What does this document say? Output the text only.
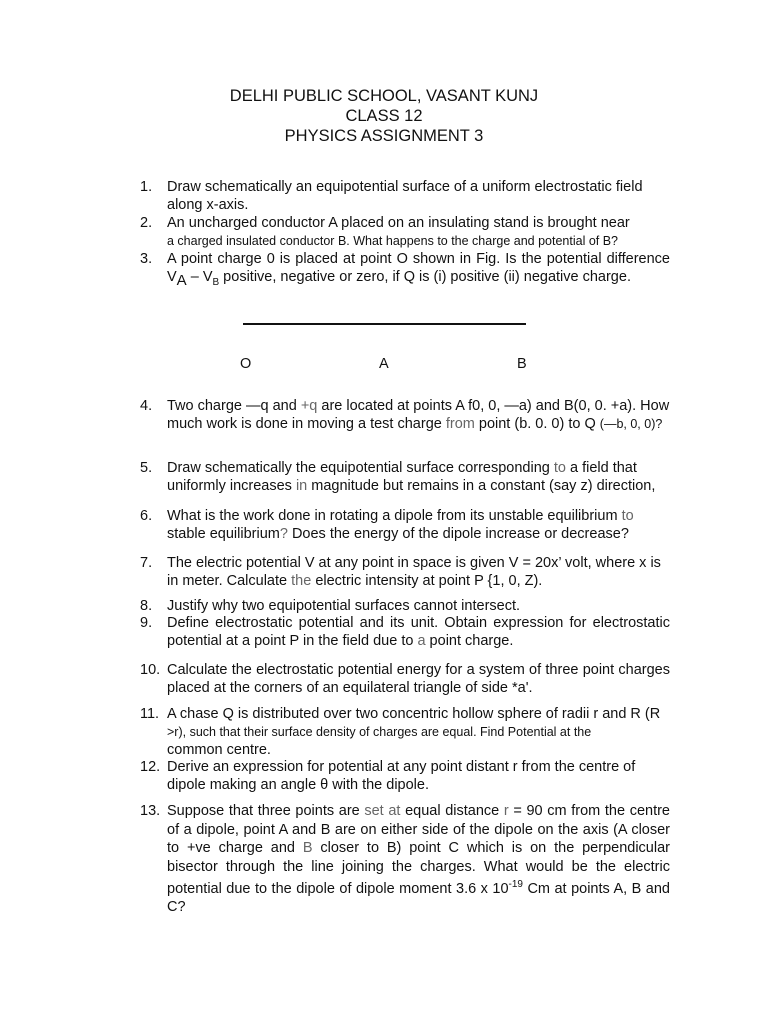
DELHI PUBLIC SCHOOL, VASANT KUNJ
CLASS 12
PHYSICS ASSIGNMENT 3
1.	Draw schematically an equipotential surface of a uniform electrostatic field along x-axis.
2.	An uncharged conductor A placed on an insulating stand is brought near
a charged insulated conductor B. What happens to the charge and potential of B?
3.	A point charge 0 is placed at point O shown in Fig. Is the potential difference VA – $V_B$ positive, negative or zero, if Q is (i) positive (ii) negative charge.
O	A	B
4.	Two charge —q and +q are located at points A f0, 0, —a) and B(0, 0. +a). How much work is done in moving a test charge from point (b. 0. 0) to Q (—b, 0, 0)?
5.	Draw schematically the equipotential surface corresponding to a field that uniformly increases in magnitude but remains in a constant (say z) direction,
6.	What is the work done in rotating a dipole from its unstable equilibrium to stable equilibrium? Does the energy of the dipole increase or decrease?
7.	The electric potential V at any point in space is given V = 20x’ volt, where x is in meter. Calculate the electric intensity at point P {1, 0, Z).
8.	Justify why two equipotential surfaces cannot intersect.
9.	Define electrostatic potential and its unit. Obtain expression for electrostatic potential at a point P in the field due to a point charge.
10. Calculate the electrostatic potential energy for a system of three point charges placed at the corners of an equilateral triangle of side *a'.
11. A chase Q is distributed over two concentric hollow sphere of radii r and R (R
>r), such that their surface density of charges are equal. Find Potential at the
common centre.
12. Derive an expression for potential at any point distant r from the centre of dipole making an angle θ with the dipole.
13. Suppose that three points are set at equal distance r = 90 cm from the centre of a dipole, point A and B are on either side of the dipole on the axis (A closer to +ve charge and B closer to B) point C which is on the perpendicular bisector through the line joining the charges. What would be the electric potential due to the dipole of dipole moment 3.6 x $10^{-19}$ Cm at points A, B and C?
